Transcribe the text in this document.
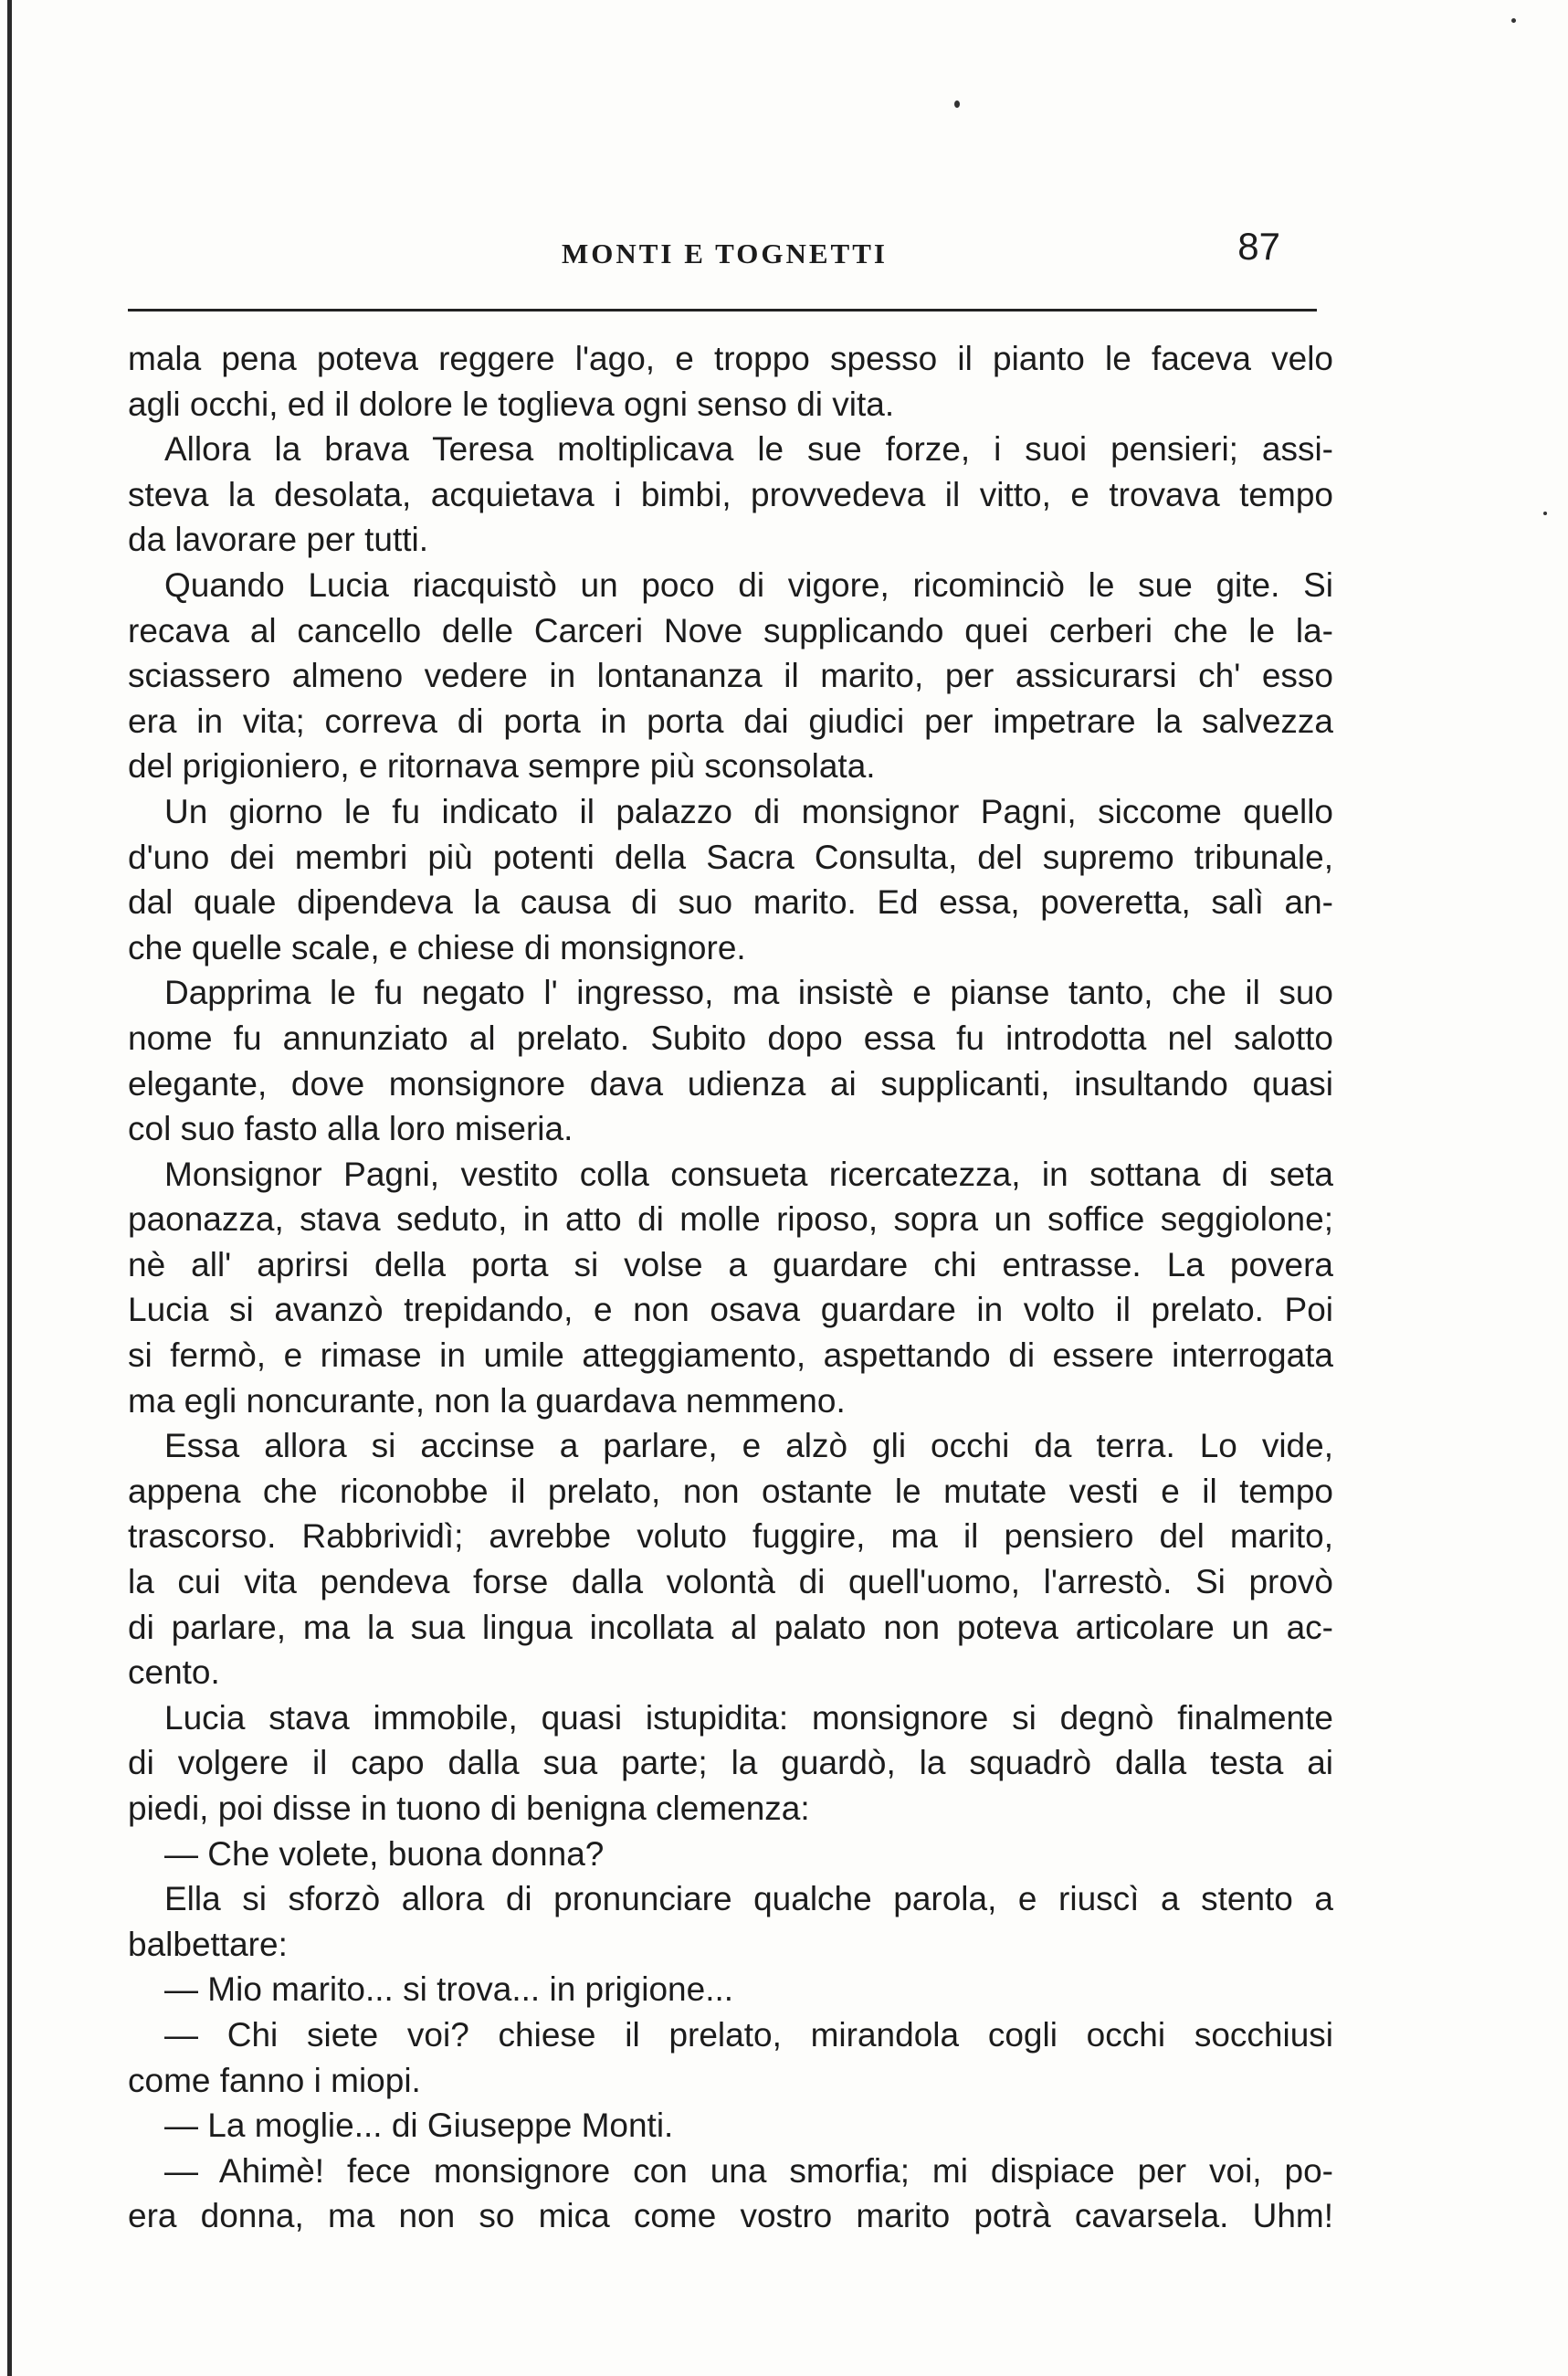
MONTI E TOGNETTI	87
mala pena poteva reggere l'ago, e troppo spesso il pianto le faceva velo
agli occhi, ed il dolore le toglieva ogni senso di vita.
Allora la brava Teresa moltiplicava le sue forze, i suoi pensieri; assi-
steva la desolata, acquietava i bimbi, provvedeva il vitto, e trovava tempo
da lavorare per tutti.
Quando Lucia riacquistò un poco di vigore, ricominciò le sue gite. Si
recava al cancello delle Carceri Nove supplicando quei cerberi che le la-
sciassero almeno vedere in lontananza il marito, per assicurarsi ch' esso
era in vita; correva di porta in porta dai giudici per impetrare la salvezza
del prigioniero, e ritornava sempre più sconsolata.
Un giorno le fu indicato il palazzo di monsignor Pagni, siccome quello
d'uno dei membri più potenti della Sacra Consulta, del supremo tribunale,
dal quale dipendeva la causa di suo marito. Ed essa, poveretta, salì an-
che quelle scale, e chiese di monsignore.
Dapprima le fu negato l' ingresso, ma insistè e pianse tanto, che il suo
nome fu annunziato al prelato. Subito dopo essa fu introdotta nel salotto
elegante, dove monsignore dava udienza ai supplicanti, insultando quasi
col suo fasto alla loro miseria.
Monsignor Pagni, vestito colla consueta ricercatezza, in sottana di seta
paonazza, stava seduto, in atto di molle riposo, sopra un soffice seggiolone;
nè all' aprirsi della porta si volse a guardare chi entrasse. La povera
Lucia si avanzò trepidando, e non osava guardare in volto il prelato. Poi
si fermò, e rimase in umile atteggiamento, aspettando di essere interrogata
ma egli noncurante, non la guardava nemmeno.
Essa allora si accinse a parlare, e alzò gli occhi da terra. Lo vide,
appena che riconobbe il prelato, non ostante le mutate vesti e il tempo
trascorso. Rabbrividì; avrebbe voluto fuggire, ma il pensiero del marito,
la cui vita pendeva forse dalla volontà di quell'uomo, l'arrestò. Si provò
di parlare, ma la sua lingua incollata al palato non poteva articolare un ac-
cento.
Lucia stava immobile, quasi istupidita: monsignore si degnò finalmente
di volgere il capo dalla sua parte; la guardò, la squadrò dalla testa ai
piedi, poi disse in tuono di benigna clemenza:
— Che volete, buona donna?
Ella si sforzò allora di pronunciare qualche parola, e riuscì a stento a
balbettare:
— Mio marito... si trova... in prigione...
— Chi siete voi? chiese il prelato, mirandola cogli occhi socchiusi
come fanno i miopi.
— La moglie... di Giuseppe Monti.
— Ahimè! fece monsignore con una smorfia; mi dispiace per voi, po-
era donna, ma non so mica come vostro marito potrà cavarsela. Uhm!
